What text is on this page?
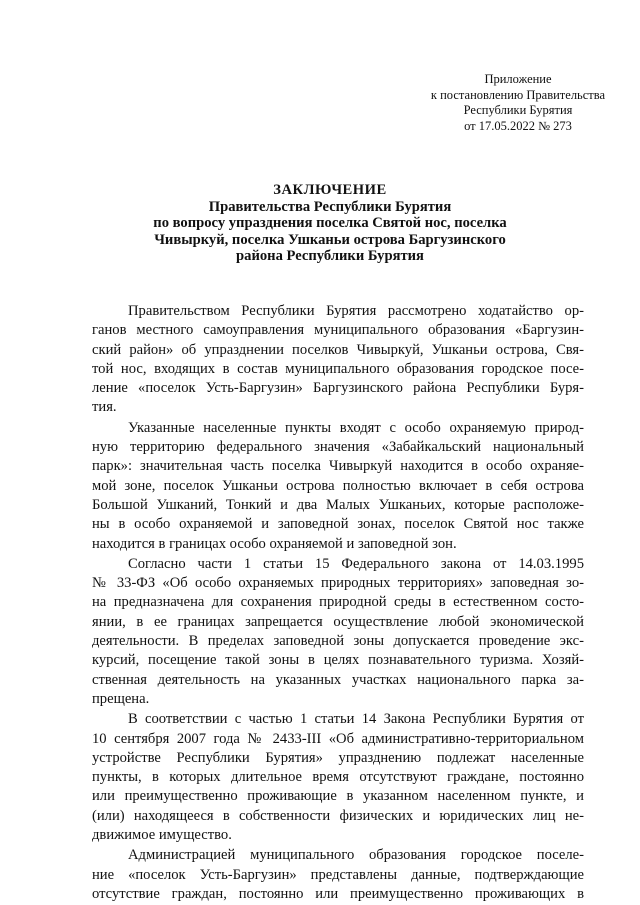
Приложение
к постановлению Правительства
Республики Бурятия
от 17.05.2022 № 273
ЗАКЛЮЧЕНИЕ
Правительства Республики Бурятия
по вопросу упразднения поселка Святой нос, поселка
Чивыркуй, поселка Ушканьи острова Баргузинского
района Республики Бурятия
Правительством Республики Бурятия рассмотрено ходатайство ор-
ганов местного самоуправления муниципального образования «Баргузин-
ский район» об упразднении поселков Чивыркуй, Ушканьи острова, Свя-
той нос, входящих в состав муниципального образования городское посе-
ление «поселок Усть-Баргузин» Баргузинского района Республики Буря-
тия.
Указанные населенные пункты входят с особо охраняемую природ-
ную территорию федерального значения «Забайкальский национальный
парк»: значительная часть поселка Чивыркуй находится в особо охраняе-
мой зоне, поселок Ушканьи острова полностью включает в себя острова
Большой Ушканий, Тонкий и два Малых Ушканьих, которые расположе-
ны в особо охраняемой и заповедной зонах, поселок Святой нос также
находится в границах особо охраняемой и заповедной зон.
Согласно части 1 статьи 15 Федерального закона от 14.03.1995
№ 33-ФЗ «Об особо охраняемых природных территориях» заповедная зо-
на предназначена для сохранения природной среды в естественном состо-
янии, в ее границах запрещается осуществление любой экономической
деятельности. В пределах заповедной зоны допускается проведение экс-
курсий, посещение такой зоны в целях познавательного туризма. Хозяй-
ственная деятельность на указанных участках национального парка за-
прещена.
В соответствии с частью 1 статьи 14 Закона Республики Бурятия от
10 сентября 2007 года № 2433-III «Об административно-территориальном
устройстве Республики Бурятия» упразднению подлежат населенные
пункты, в которых длительное время отсутствуют граждане, постоянно
или преимущественно проживающие в указанном населенном пункте, и
(или) находящееся в собственности физических и юридических лиц не-
движимое имущество.
Администрацией муниципального образования городское поселе-
ние «поселок Усть-Баргузин» представлены данные, подтверждающие
отсутствие граждан, постоянно или преимущественно проживающих в
